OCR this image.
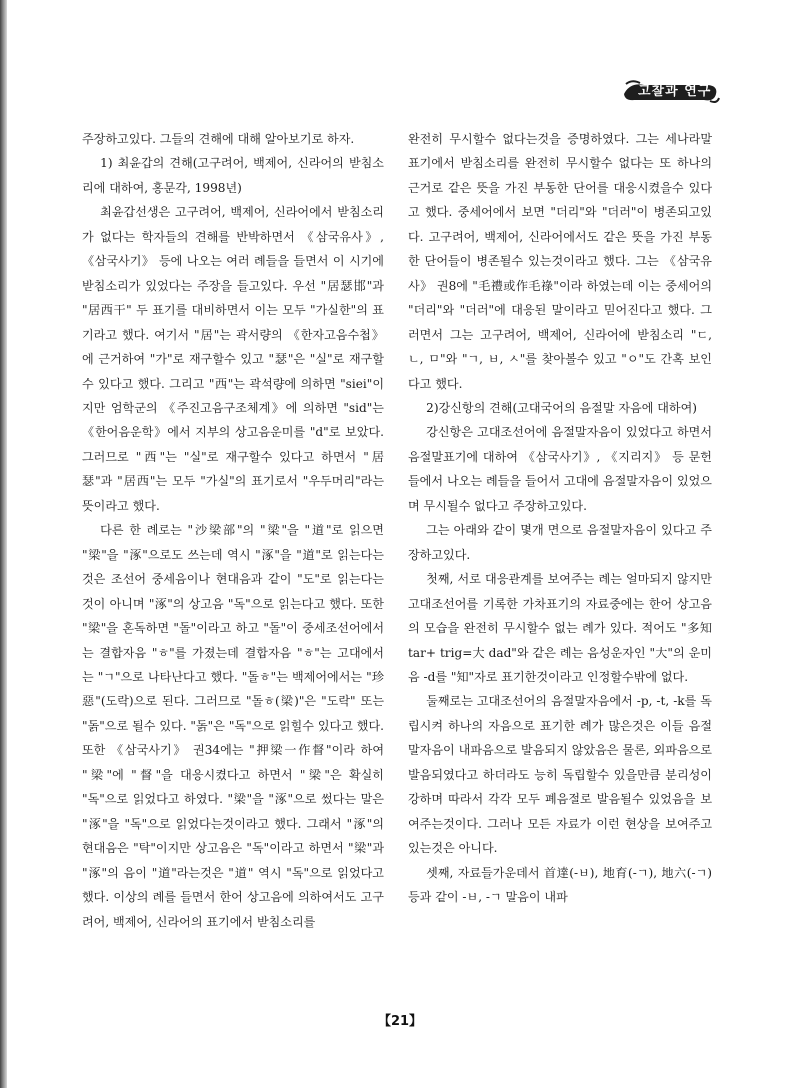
고찰과 연구

주장하고있다. 그들의 견해에 대해 알아보기로 하자.

1) 최윤갑의 견해(고구려어, 백제어, 신라어의 받침소리에 대하여, 홍문각, 1998년)

최윤갑선생은 고구려어, 백제어, 신라어에서 받침소리가 없다는 학자들의 견해를 반박하면서 《삼국유사》, 《삼국사기》 등에 나오는 여러 례들을 들면서 이 시기에 받침소리가 있었다는 주장을 들고있다. 우선 "居瑟邯"과 "居西干" 두 표기를 대비하면서 이는 모두 "가실한"의 표기라고 했다. 여기서 "居"는 곽서량의 《한자고음수첩》에 근거하여 "가"로 재구할수 있고 "瑟"은 "실"로 재구할수 있다고 했다. 그리고 "西"는 곽석량에 의하면 "siei"이지만 엄학군의 《주진고음구조체계》에 의하면 "sid"는 《한어음운학》에서 지부의 상고음운미를 "d"로 보았다. 그러므로 "西"는 "실"로 재구할수 있다고 하면서 "居瑟"과 "居西"는 모두 "가실"의 표기로서 "우두머리"라는 뜻이라고 했다.

다른 한 례로는 "沙梁部"의 "梁"을 "道"로 읽으면 "梁"을 "涿"으로도 쓰는데 역시 "涿"을 "道"로 읽는다는것은 조선어 중세음이나 현대음과 같이 "도"로 읽는다는것이 아니며 "涿"의 상고음 "독"으로 읽는다고 했다. 또한 "梁"을 혼독하면 "돌"이라고 하고 "돌"이 중세조선어에서는 결합자음 "ㅎ"를 가졌는데 결합자음 "ㅎ"는 고대에서는 "ㄱ"으로 나타난다고 했다. "돌ㅎ"는 백제어에서는 "珍惡"(도락)으로 된다. 그러므로 "돌ㅎ(梁)"은 "도락" 또는 "돍"으로 될수 있다. "돍"은 "독"으로 읽힐수 있다고 했다. 또한 《삼국사기》 권34에는 "押梁一作督"이라 하여 "梁"에 "督"을 대응시켰다고 하면서 "梁"은 확실히 "독"으로 읽었다고 하였다. "梁"을 "涿"으로 썼다는 말은 "涿"을 "독"으로 읽었다는것이라고 했다. 그래서 "涿"의 현대음은 "탁"이지만 상고음은 "독"이라고 하면서 "梁"과 "涿"의 음이 "道"라는것은 "道" 역시 "독"으로 읽었다고 했다. 이상의 례를 들면서 한어 상고음에 의하여서도 고구려어, 백제어, 신라어의 표기에서 받침소리를

완전히 무시할수 없다는것을 증명하였다. 그는 세나라말 표기에서 받침소리를 완전히 무시할수 없다는 또 하나의 근거로 같은 뜻을 가진 부동한 단어를 대응시켰을수 있다고 했다. 중세어에서 보면 "더리"와 "더러"이 병존되고있다. 고구려어, 백제어, 신라어에서도 같은 뜻을 가진 부동한 단어들이 병존될수 있는것이라고 했다. 그는 《삼국유사》 권8에 "毛禮或作毛祿"이라 하였는데 이는 중세어의 "더리"와 "더러"에 대응된 말이라고 믿어진다고 했다. 그러면서 그는 고구려어, 백제어, 신라어에 받침소리 "ㄷ, ㄴ, ㅁ"와 "ㄱ, ㅂ, ㅅ"를 찾아볼수 있고 "ㅇ"도 간혹 보인다고 했다.

2)강신항의 견해(고대국어의 음절말 자음에 대하여)

강신항은 고대조선어에 음절말자음이 있었다고 하면서 음절말표기에 대하여 《삼국사기》, 《지리지》 등 문헌들에서 나오는 례들을 들어서 고대에 음절말자음이 있었으며 무시될수 없다고 주장하고있다.

그는 아래와 같이 몇개 면으로 음절말자음이 있다고 주장하고있다.

첫째, 서로 대응관계를 보여주는 례는 얼마되지 않지만 고대조선어를 기록한 가차표기의 자료중에는 한어 상고음의 모습을 완전히 무시할수 없는 례가 있다. 적어도 "多知 tar+ trig=大 dad"와 같은 례는 음성운자인 "大"의 운미음 -d를 "知"자로 표기한것이라고 인정할수밖에 없다.

둘째로는 고대조선어의 음절말자음에서 -p, -t, -k를 독립시켜 하나의 자음으로 표기한 례가 많은것은 이들 음절말자음이 내파음으로 발음되지 않았음은 물론, 외파음으로 발음되였다고 하더라도 능히 독립할수 있을만큼 분리성이 강하며 따라서 각각 모두 폐음절로 발음될수 있었음을 보여주는것이다. 그러나 모든 자료가 이런 현상을 보여주고있는것은 아니다.

셋째, 자료들가운데서 首達(-ㅂ), 地育(-ㄱ), 地六(-ㄱ) 등과 같이 -ㅂ, -ㄱ 말음이 내파

【21】
